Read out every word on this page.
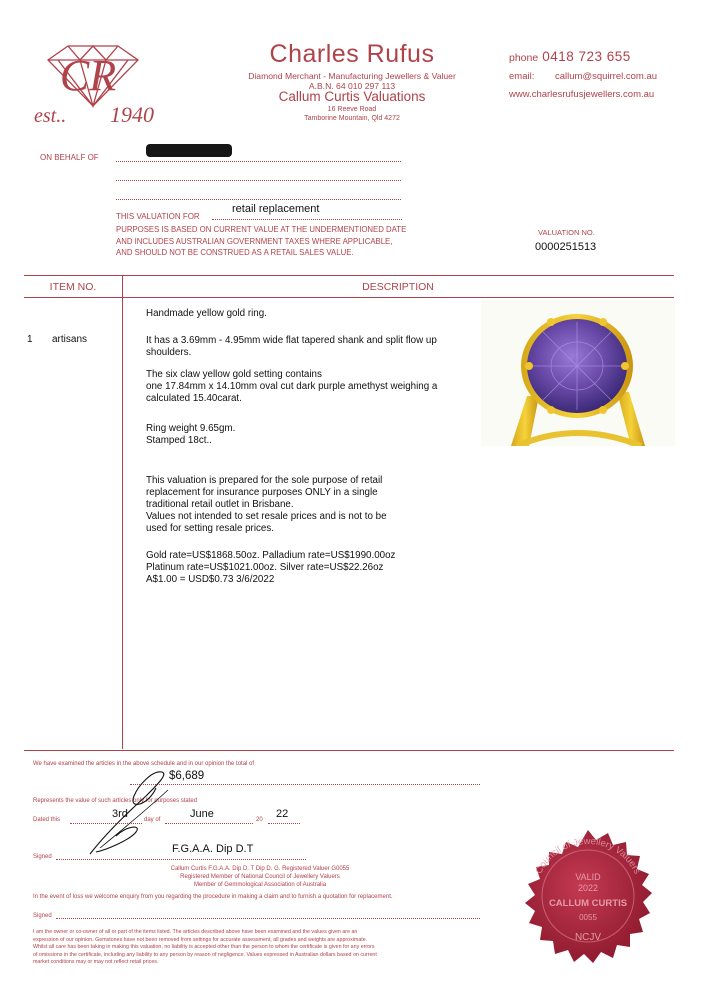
CR
est.. 1940
Charles Rufus
Diamond Merchant - Manufacturing Jewellers & Valuer
A.B.N. 64 010 297 113
Callum Curtis Valuations
16 Reeve Road
Tamborine Mountain, Qld 4272
phone 0418 723 655
email: callum@squirrel.com.au
www.charlesrufusjewellers.com.au
ON BEHALF OF
THIS VALUATION FOR
retail replacement
PURPOSES IS BASED ON CURRENT VALUE AT THE UNDERMENTIONED DATE
AND INCLUDES AUSTRALIAN GOVERNMENT TAXES WHERE APPLICABLE,
AND SHOULD NOT BE CONSTRUED AS A RETAIL SALES VALUE.
VALUATION NO.
0000251513
ITEM NO.	DESCRIPTION
1 artisans
Handmade yellow gold ring.
It has a 3.69mm - 4.95mm wide flat tapered shank and split flow up
shoulders.
The six claw yellow gold setting contains
one 17.84mm x 14.10mm oval cut dark purple amethyst weighing a
calculated 15.40carat.
Ring weight 9.65gm.
Stamped 18ct..
This valuation is prepared for the sole purpose of retail
replacement for insurance purposes ONLY in a single
traditional retail outlet in Brisbane.
Values not intended to set resale prices and is not to be
used for setting resale prices.
Gold rate=US$1868.50oz. Palladium rate=US$1990.00oz
Platinum rate=US$1021.00oz. Silver rate=US$22.26oz
A$1.00 = USD$0.73 3/6/2022
We have examined the articles in the above schedule and in our opinion the total of
$6,689
Represents the value of such articles only for purposes stated
Dated this	3rd	day of	June	20 22
F.G.A.A. Dip D.T
Signed
Callum Curtis F.G.A.A. Dip D. T Dip D. G. Registered Valuer G0055
Registered Member of National Council of Jewellery Valuers
Member of Gemmological Association of Australia
In the event of loss we welcome enquiry from you regarding the procedure in making a claim and to furnish a quotation for replacement.
Signed
I am the owner or co-owner of all or part of the items listed. The articles described above have been examined and the values given are an
expression of our opinion. Gemstones have not been removed from settings for accurate assessment, all grades and weights are approximate.
Whilst all care has been taking in making this valuation, no liability is accepted other than the person to whom the certificate is given for any errors
of omissions in the certificate, including any liability to any person by reason of negligence. Values expressed in Australian dollars based on current
market conditions may or may not reflect retail prices.
Council of Jewellery Valuers
VALID
2022
CALLUM CURTIS
0055
NCJV
